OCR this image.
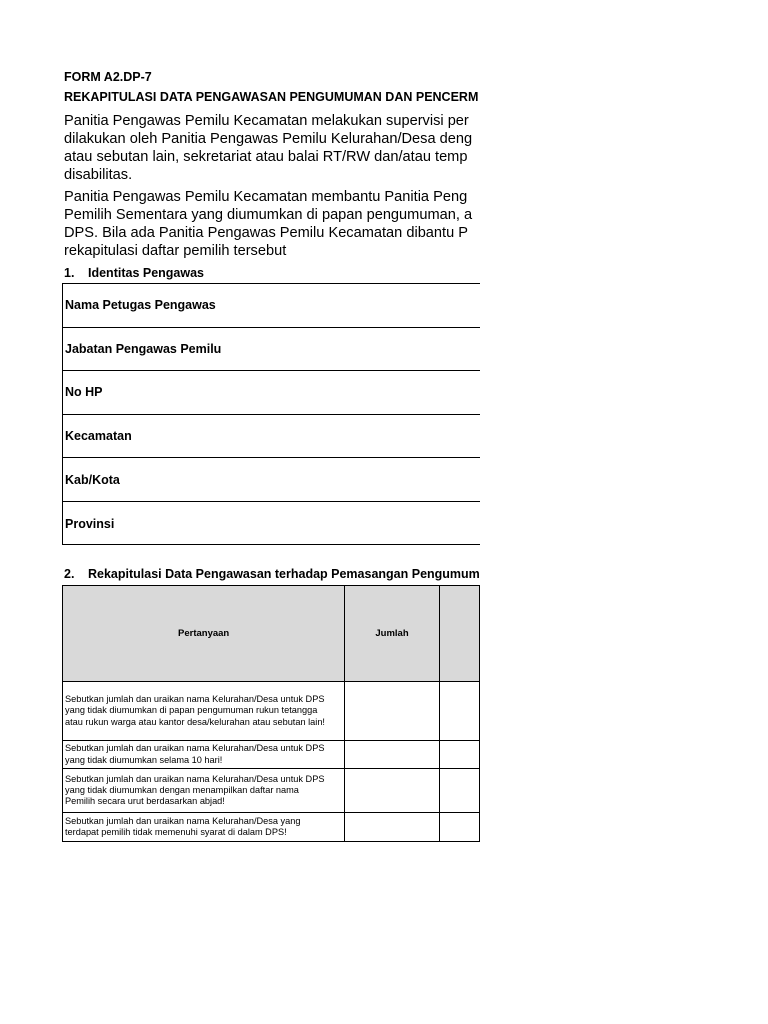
FORM A2.DP-7
REKAPITULASI DATA PENGAWASAN PENGUMUMAN DAN PENCERM
Panitia Pengawas Pemilu Kecamatan melakukan supervisi per
dilakukan oleh Panitia Pengawas Pemilu Kelurahan/Desa deng
atau sebutan lain, sekretariat atau balai RT/RW dan/atau temp
disabilitas.
Panitia Pengawas Pemilu Kecamatan membantu Panitia Peng
Pemilih Sementara yang diumumkan di papan pengumuman, a
DPS. Bila ada Panitia Pengawas Pemilu Kecamatan dibantu P
rekapitulasi daftar pemilih tersebut
1. Identitas Pengawas
Nama Petugas Pengawas
Jabatan Pengawas Pemilu
No HP
Kecamatan
Kab/Kota
Provinsi
2. Rekapitulasi Data Pengawasan terhadap Pemasangan Pengumum
Pertanyaan	Jumlah	

Sebutkan jumlah dan uraikan nama Kelurahan/Desa untuk DPS
yang tidak diumumkan di papan pengumuman rukun tetangga
atau rukun warga atau kantor desa/kelurahan atau sebutan lain!		

Sebutkan jumlah dan uraikan nama Kelurahan/Desa untuk DPS
yang tidak diumumkan selama 10 hari!		

Sebutkan jumlah dan uraikan nama Kelurahan/Desa untuk DPS
yang tidak diumumkan dengan menampilkan daftar nama
Pemilih secara urut berdasarkan abjad!		

Sebutkan jumlah dan uraikan nama Kelurahan/Desa yang
terdapat pemilih tidak memenuhi syarat di dalam DPS!		
